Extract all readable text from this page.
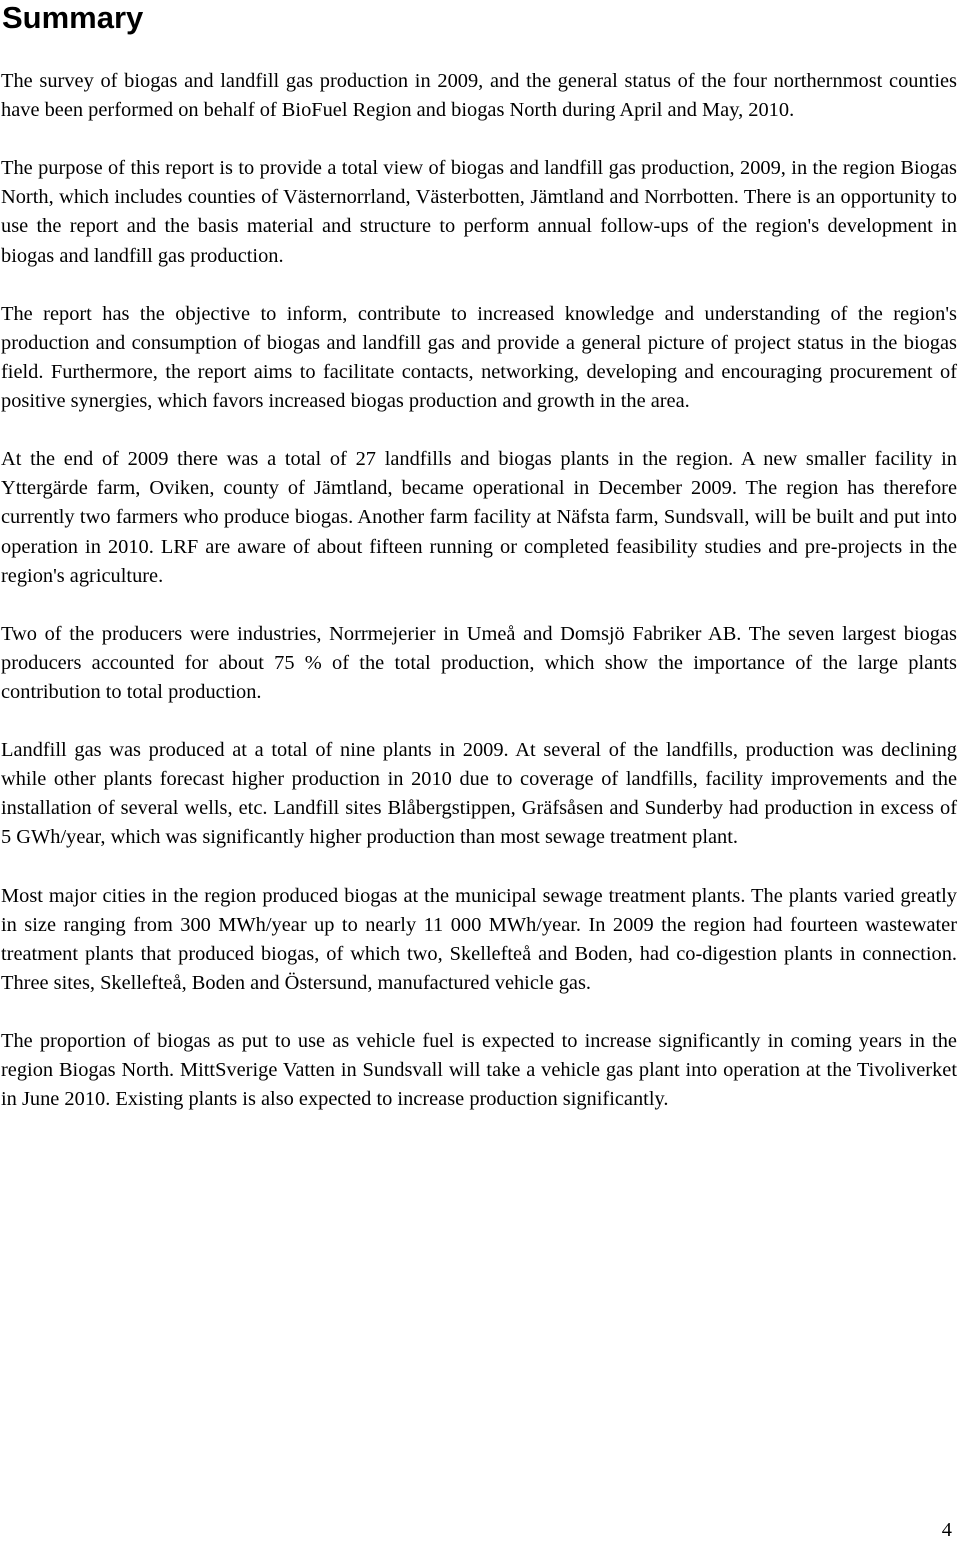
Summary

The survey of biogas and landfill gas production in 2009, and the general status of the four northernmost counties have been performed on behalf of BioFuel Region and biogas North during April and May, 2010.

The purpose of this report is to provide a total view of biogas and landfill gas production, 2009, in the region Biogas North, which includes counties of Västernorrland, Västerbotten, Jämtland and Norrbotten. There is an opportunity to use the report and the basis material and structure to perform annual follow-ups of the region's development in biogas and landfill gas production.

The report has the objective to inform, contribute to increased knowledge and understanding of the region's production and consumption of biogas and landfill gas and provide a general picture of project status in the biogas field. Furthermore, the report aims to facilitate contacts, networking, developing and encouraging procurement of positive synergies, which favors increased biogas production and growth in the area.

At the end of 2009 there was a total of 27 landfills and biogas plants in the region. A new smaller facility in Yttergärde farm, Oviken, county of Jämtland, became operational in December 2009. The region has therefore currently two farmers who produce biogas. Another farm facility at Näfsta farm, Sundsvall, will be built and put into operation in 2010. LRF are aware of about fifteen running or completed feasibility studies and pre-projects in the region's agriculture.

Two of the producers were industries, Norrmejerier in Umeå and Domsjö Fabriker AB. The seven largest biogas producers accounted for about 75 % of the total production, which show the importance of the large plants contribution to total production.

Landfill gas was produced at a total of nine plants in 2009. At several of the landfills, production was declining while other plants forecast higher production in 2010 due to coverage of landfills, facility improvements and the installation of several wells, etc. Landfill sites Blåbergstippen, Gräfsåsen and Sunderby had production in excess of 5 GWh/year, which was significantly higher production than most sewage treatment plant.

Most major cities in the region produced biogas at the municipal sewage treatment plants. The plants varied greatly in size ranging from 300 MWh/year up to nearly 11 000 MWh/year. In 2009 the region had fourteen wastewater treatment plants that produced biogas, of which two, Skellefteå and Boden, had co-digestion plants in connection. Three sites, Skellefteå, Boden and Östersund, manufactured vehicle gas.

The proportion of biogas as put to use as vehicle fuel is expected to increase significantly in coming years in the region Biogas North. MittSverige Vatten in Sundsvall will take a vehicle gas plant into operation at the Tivoliverket in June 2010. Existing plants is also expected to increase production significantly.

4
